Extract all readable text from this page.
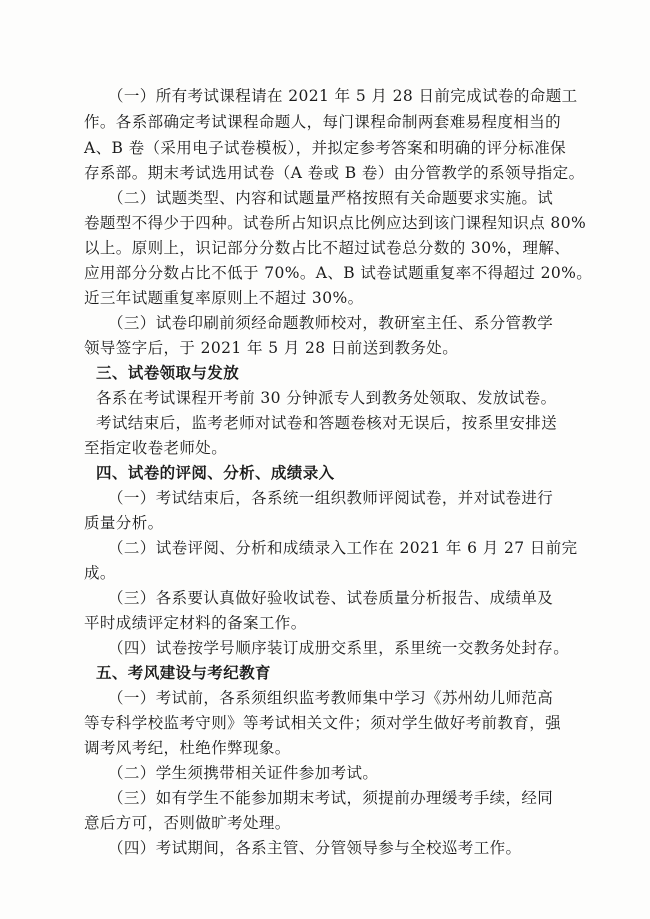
（一）所有考试课程请在 2021 年 5 月 28 日前完成试卷的命题工
作。各系部确定考试课程命题人，每门课程命制两套难易程度相当的
A、B 卷（采用电子试卷模板），并拟定参考答案和明确的评分标准保
存系部。期末考试选用试卷（A 卷或 B 卷）由分管教学的系领导指定。
（二）试题类型、内容和试题量严格按照有关命题要求实施。试
卷题型不得少于四种。试卷所占知识点比例应达到该门课程知识点 80%
以上。原则上，识记部分分数占比不超过试卷总分数的 30%，理解、
应用部分分数占比不低于 70%。A、B 试卷试题重复率不得超过 20%。
近三年试题重复率原则上不超过 30%。
（三）试卷印刷前须经命题教师校对，教研室主任、系分管教学
领导签字后，于 2021 年 5 月 28 日前送到教务处。
三、试卷领取与发放
各系在考试课程开考前 30 分钟派专人到教务处领取、发放试卷。
考试结束后，监考老师对试卷和答题卷核对无误后，按系里安排送
至指定收卷老师处。
四、试卷的评阅、分析、成绩录入
（一）考试结束后，各系统一组织教师评阅试卷，并对试卷进行
质量分析。
（二）试卷评阅、分析和成绩录入工作在 2021 年 6 月 27 日前完
成。
（三）各系要认真做好验收试卷、试卷质量分析报告、成绩单及
平时成绩评定材料的备案工作。
（四）试卷按学号顺序装订成册交系里，系里统一交教务处封存。
五、考风建设与考纪教育
（一）考试前，各系须组织监考教师集中学习《苏州幼儿师范高
等专科学校监考守则》等考试相关文件；须对学生做好考前教育，强
调考风考纪，杜绝作弊现象。
（二）学生须携带相关证件参加考试。
（三）如有学生不能参加期末考试，须提前办理缓考手续，经同
意后方可，否则做旷考处理。
（四）考试期间，各系主管、分管领导参与全校巡考工作。
